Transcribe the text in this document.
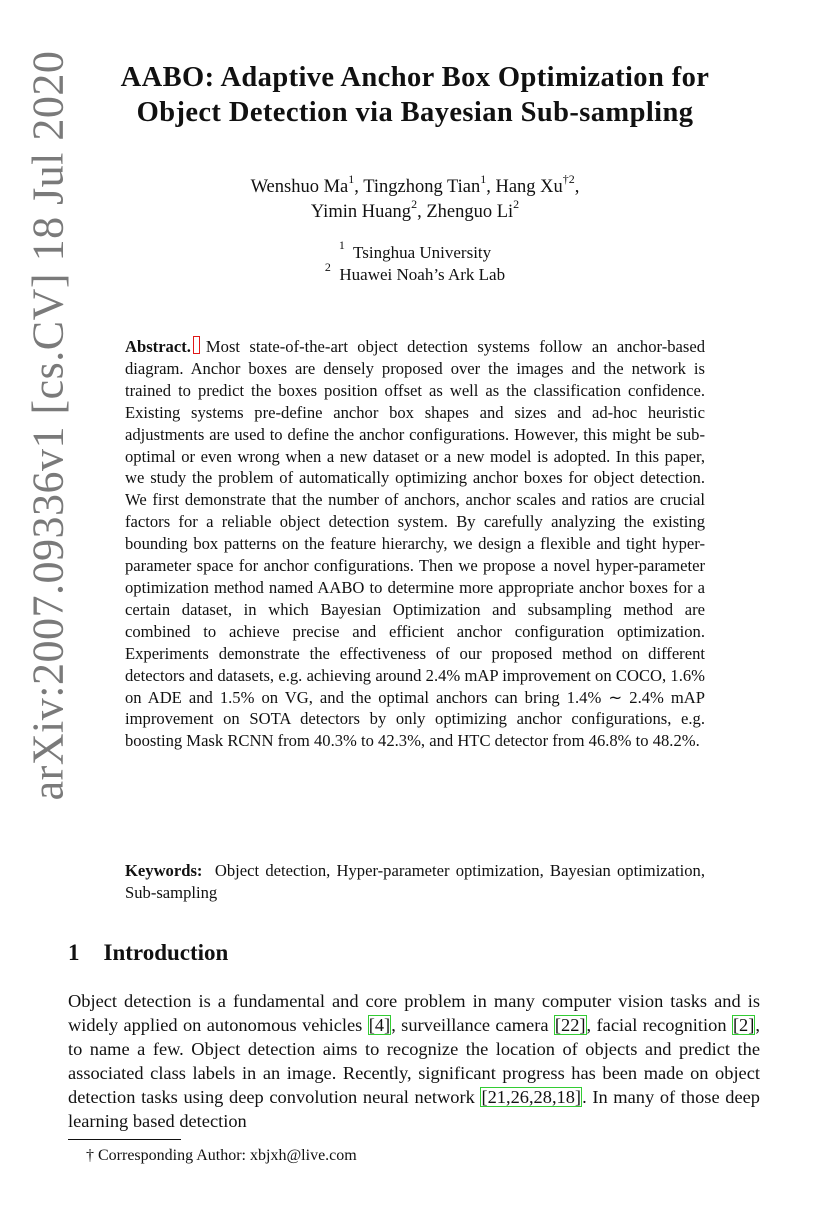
arXiv:2007.09336v1 [cs.CV] 18 Jul 2020	AABO: Adaptive Anchor Box Optimization for
Object Detection via Bayesian Sub-sampling
Wenshuo Ma$^1$, Tingzhong Tian$^1$, Hang Xu$^{\dagger 2}$,
Yimin Huang$^2$, Zhenguo Li$^2$
$^1$ Tsinghua University
$^2$ Huawei Noah’s Ark Lab
Abstract. Most state-of-the-art object detection systems follow an anchor-based diagram. Anchor boxes are densely proposed over the images and the network is trained to predict the boxes position offset as well as the classification confidence. Existing systems pre-define anchor box shapes and sizes and ad-hoc heuristic adjustments are used to define the anchor configurations. However, this might be sub-optimal or even wrong when a new dataset or a new model is adopted. In this paper, we study the problem of automatically optimizing anchor boxes for object detection. We first demonstrate that the number of anchors, anchor scales and ratios are crucial factors for a reliable object detection system. By carefully analyzing the existing bounding box patterns on the feature hierarchy, we design a flexible and tight hyper-parameter space for anchor configurations. Then we propose a novel hyper-parameter optimization method named AABO to determine more appropriate anchor boxes for a certain dataset, in which Bayesian Optimization and subsampling method are combined to achieve precise and efficient anchor configuration optimization. Experiments demonstrate the effectiveness of our proposed method on different detectors and datasets, e.g. achieving around 2.4% mAP improvement on COCO, 1.6% on ADE and 1.5% on VG, and the optimal anchors can bring 1.4% ∼ 2.4% mAP improvement on SOTA detectors by only optimizing anchor configurations, e.g. boosting Mask RCNN from 40.3% to 42.3%, and HTC detector from 46.8% to 48.2%.
Keywords: Object detection, Hyper-parameter optimization, Bayesian optimization, Sub-sampling
1 Introduction
Object detection is a fundamental and core problem in many computer vision tasks and is widely applied on autonomous vehicles [4], surveillance camera [22], facial recognition [2], to name a few. Object detection aims to recognize the location of objects and predict the associated class labels in an image. Recently, significant progress has been made on object detection tasks using deep convolution neural network [21,26,28,18]. In many of those deep learning based detection
† Corresponding Author: xbjxh@live.com
